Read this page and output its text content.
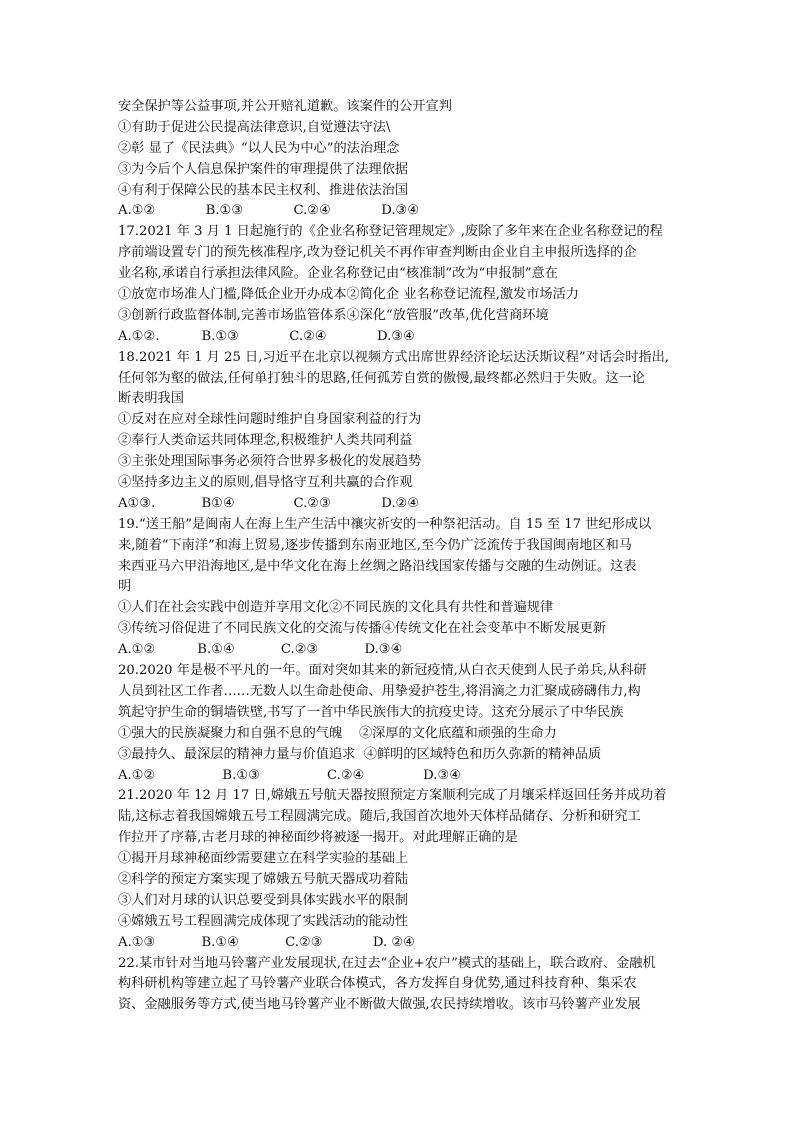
安全保护等公益事项,并公开赔礼道歉。该案件的公开宣判
①有助于促进公民提高法律意识,自觉遵法守法\
②彰 显了《民法典》“以人民为中心”的法治理念
③为今后个人信息保护案件的审理提供了法理依据
④有利于保障公民的基本民主权利、推进依法治国
A.①②            B.①③            C.②④            D.③④
17.2021 年 3 月 1 日起施行的《企业名称登记管理规定》,废除了多年来在企业名称登记的程
序前端设置专门的预先核准程序,改为登记机关不再作审查判断由企业自主申报所选择的企
业名称,承诺自行承担法律风险。企业名称登记由“核准制”改为“申报制”意在
①放宽市场准人门槛,降低企业开办成本②简化企 业名称登记流程,激发市场活力
③创新行政监督体制,完善市场监管体系④深化“放管服”改革,优化营商环境
A.①②.          B.①③            C.②④            D.③④
18.2021 年 1 月 25 日,习近平在北京以视频方式出席世界经济论坛达沃斯议程”对话会时指出,
任何邻为壑的做法,任何单打独斗的思路,任何孤芳自赏的傲慢,最终都必然归于失败。这一论
断表明我国
①反对在应对全球性问题时维护自身国家利益的行为
②奉行人类命运共同体理念,积极维护人类共同利益
③主张处理国际事务必须符合世界多极化的发展趋势
④坚持多边主义的原则,倡导恪守互利共赢的合作观
A①③.           B①④              C.②③            D.②④
19.“送王船”是闽南人在海上生产生活中禳灾祈安的一种祭祀活动。自 15 至 17 世纪形成以
来,随着“下南洋”和海上贸易,逐步传播到东南亚地区,至今仍广泛流传于我国闽南地区和马
来西亚马六甲沿海地区,是中华文化在海上丝绸之路沿线国家传播与交融的生动例证。这表
明
①人们在社会实践中创造并享用文化②不同民族的文化具有共性和普遍规律
③传统习俗促进了不同民族文化的交流与传播④传统文化在社会变革中不断发展更新
A.①②          B.①④           C.②③           D.③④
20.2020 年是极不平凡的一年。面对突如其来的新冠疫情,从白衣天使到人民子弟兵,从科研
人员到社区工作者……无数人以生命赴使命、用挚爱护苍生,将涓滴之力汇聚成磅礴伟力,构
筑起守护生命的铜墙铁壁,书写了一首中华民族伟大的抗疫史诗。这充分展示了中华民族
①强大的民族凝聚力和自强不息的气魄    ②深厚的文化底蕴和顽强的生命力
③最持久、最深层的精神力量与价值追求  ④鲜明的区域特色和历久弥新的精神品质
A.①②                B.①③                C.②④              D.③④
21.2020 年 12 月 17 日,嫦娥五号航天器按照预定方案顺利完成了月壤采样返回任务并成功着
陆,这标志着我国嫦娥五号工程圆满完成。随后,我国首次地外天体样品储存、分析和研究工
作拉开了序幕,古老月球的神秘面纱将被逐一揭开。对此理解正确的是
①揭开月球神秘面纱需要建立在科学实验的基础上
②科学的预定方案实现了嫦娥五号航天器成功着陆
③人们对月球的认识总要受到具体实践水平的限制
④嫦娥五号工程圆满完成体现了实践活动的能动性
A.①③           B.①④           C.②③            D. ②④
22.某市针对当地马铃薯产业发展现状,在过去“企业+农户”模式的基础上，联合政府、金融机
构科研机构等建立起了马铃薯产业联合体模式，各方发挥自身优势,通过科技育种、集采农
资、金融服务等方式,使当地马铃薯产业不断做大做强,农民持续增收。该市马铃薯产业发展
